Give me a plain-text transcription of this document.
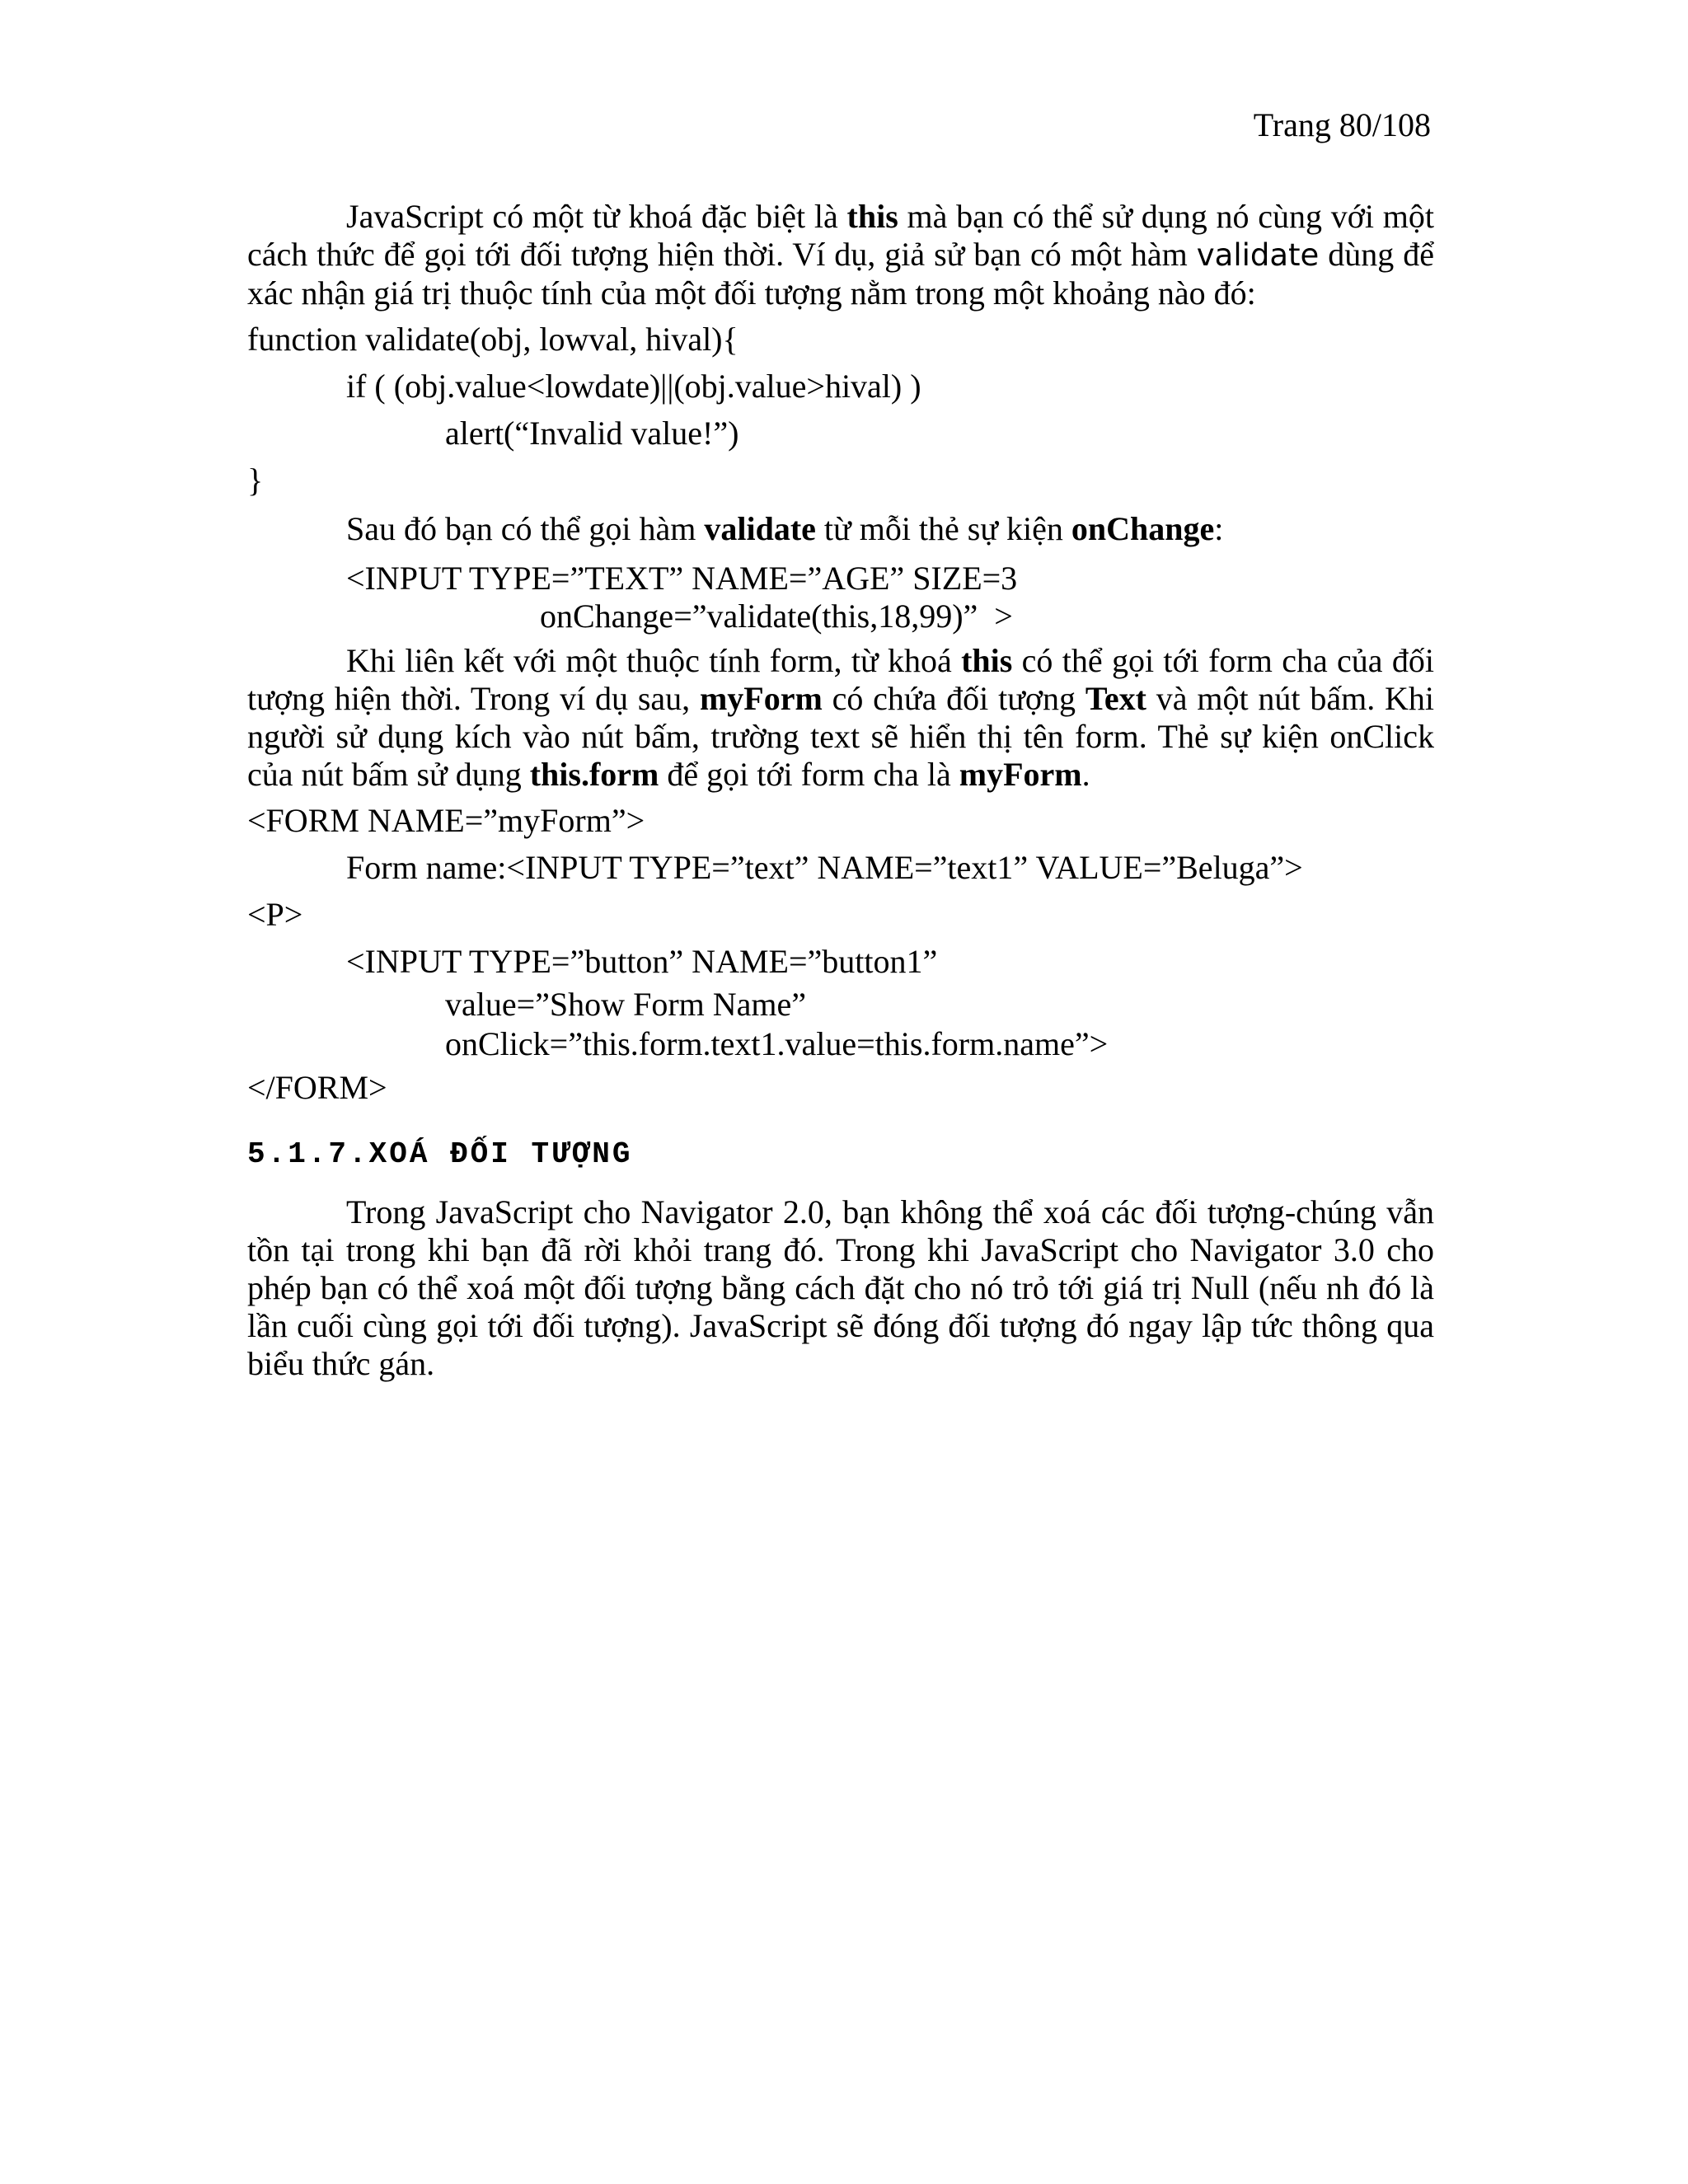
Trang 80/108

JavaScript có một từ khoá đặc biệt là this mà bạn có thể sử dụng nó cùng với một cách thức để gọi tới đối tượng hiện thời. Ví dụ, giả sử bạn có một hàm validate dùng để xác nhận giá trị thuộc tính của một đối tượng nằm trong một khoảng nào đó:

function validate(obj, lowval, hival){

if ( (obj.value<lowdate)||(obj.value>hival) )

alert(“Invalid value!”)

}

Sau đó bạn có thể gọi hàm validate từ mỗi thẻ sự kiện onChange:

<INPUT TYPE=”TEXT” NAME=”AGE” SIZE=3

onChange=”validate(this,18,99)”  >

Khi liên kết với một thuộc tính form, từ khoá this có thể gọi tới form cha của đối tượng hiện thời. Trong ví dụ sau, myForm có chứa đối tượng Text và một nút bấm. Khi người sử dụng kích vào nút bấm, trường text sẽ hiển thị tên form. Thẻ sự kiện onClick của nút bấm sử dụng this.form để gọi tới form cha là myForm.

<FORM NAME=”myForm”>

Form name:<INPUT TYPE=”text” NAME=”text1” VALUE=”Beluga”>

<P>

<INPUT TYPE=”button” NAME=”button1”

value=”Show Form Name”

onClick=”this.form.text1.value=this.form.name”>

</FORM>

5.1.7.XOÁ ĐỐI TƯỢNG

Trong JavaScript cho Navigator 2.0, bạn không thể xoá các đối tượng-chúng vẫn tồn tại trong khi bạn đã rời khỏi trang đó. Trong khi JavaScript cho Navigator 3.0 cho phép bạn có thể xoá một đối tượng bằng cách đặt cho nó trỏ tới giá trị Null (nếu nh đó là lần cuối cùng gọi tới đối tượng). JavaScript sẽ đóng đối tượng đó ngay lập tức thông qua biểu thức gán.
